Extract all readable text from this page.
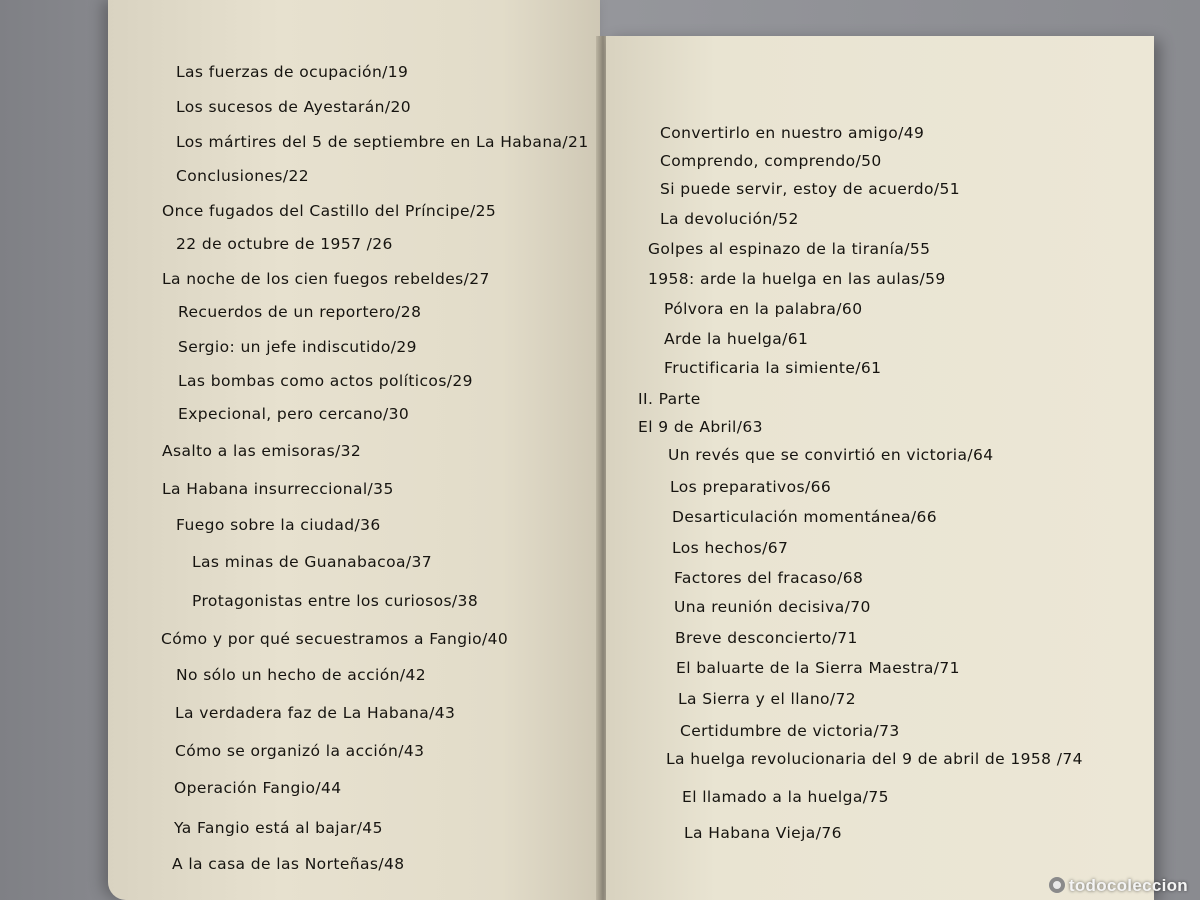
Las fuerzas de ocupación/19
Los sucesos de Ayestarán/20
Los mártires del 5 de septiembre en La Habana/21
Conclusiones/22
Once fugados del Castillo del Príncipe/25
22 de octubre de 1957 /26
La noche de los cien fuegos rebeldes/27
Recuerdos de un reportero/28
Sergio: un jefe indiscutido/29
Las bombas como actos políticos/29
Expecional, pero cercano/30
Asalto a las emisoras/32
La Habana insurreccional/35
Fuego sobre la ciudad/36
Las minas de Guanabacoa/37
Protagonistas entre los curiosos/38
Cómo y por qué secuestramos a Fangio/40
No sólo un hecho de acción/42
La verdadera faz de La Habana/43
Cómo se organizó la acción/43
Operación Fangio/44
Ya Fangio está al bajar/45
A la casa de las Norteñas/48
Convertirlo en nuestro amigo/49
Comprendo, comprendo/50
Si puede servir, estoy de acuerdo/51
La devolución/52
Golpes al espinazo de la tiranía/55
1958: arde la huelga en las aulas/59
Pólvora en la palabra/60
Arde la huelga/61
Fructificaria la simiente/61
II. Parte
El 9 de Abril/63
Un revés que se convirtió en victoria/64
Los preparativos/66
Desarticulación momentánea/66
Los hechos/67
Factores del fracaso/68
Una reunión decisiva/70
Breve desconcierto/71
El baluarte de la Sierra Maestra/71
La Sierra y el llano/72
Certidumbre de victoria/73
La huelga revolucionaria del 9 de abril de 1958 /74
El llamado a la huelga/75
La Habana Vieja/76
todocoleccion
